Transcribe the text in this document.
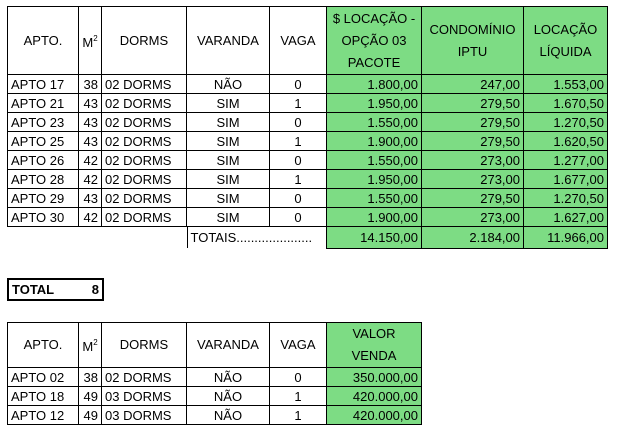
APTO.	$M^2$	DORMS	VARANDA	VAGA	$ LOCAÇÃO - OPÇÃO 03 PACOTE	CONDOMÍNIO IPTU	LOCAÇÃO LÍQUIDA
APTO 17	38	02 DORMS	NÃO	0	1.800,00	247,00	1.553,00
APTO 21	43	02 DORMS	SIM	1	1.950,00	279,50	1.670,50
APTO 23	43	02 DORMS	SIM	0	1.550,00	279,50	1.270,50
APTO 25	43	02 DORMS	SIM	1	1.900,00	279,50	1.620,50
APTO 26	42	02 DORMS	SIM	0	1.550,00	273,00	1.277,00
APTO 28	42	02 DORMS	SIM	1	1.950,00	273,00	1.677,00
APTO 29	43	02 DORMS	SIM	0	1.550,00	279,50	1.270,50
APTO 30	42	02 DORMS	SIM	0	1.900,00	273,00	1.627,00

TOTAIS.....................					14.150,00	2.184,00	11.966,00
TOTAL	8
APTO.	$M^2$	DORMS	VARANDA	VAGA	VALOR VENDA
APTO 02	38	02 DORMS	NÃO	0	350.000,00
APTO 18	49	03 DORMS	NÃO	1	420.000,00
APTO 12	49	03 DORMS	NÃO	1	420.000,00
